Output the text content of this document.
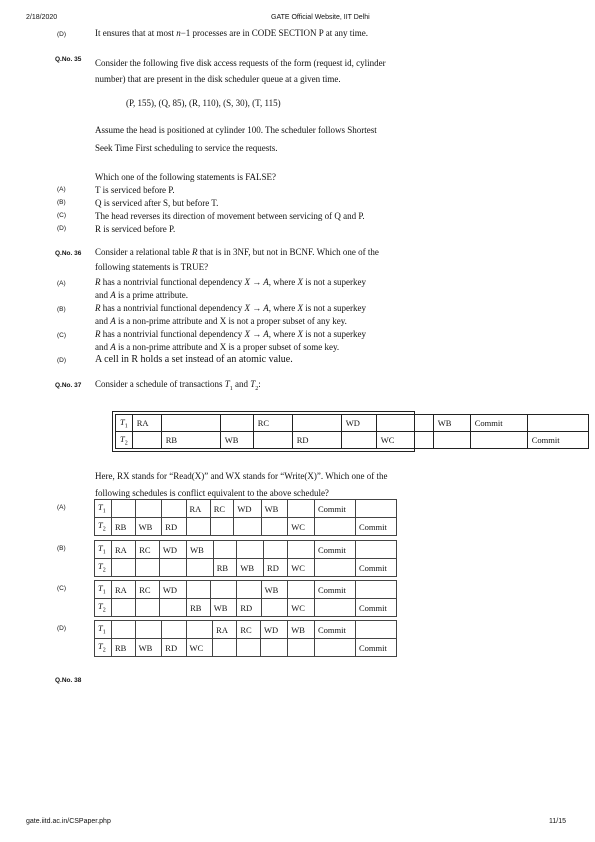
2/18/2020	GATE Official Website, IIT Delhi
(D)	It ensures that at most n−1 processes are in CODE SECTION P at any time.
Q.No. 35	Consider the following five disk access requests of the form (request id, cylinder
number) that are present in the disk scheduler queue at a given time.
(P, 155), (Q, 85), (R, 110), (S, 30), (T, 115)
Assume the head is positioned at cylinder 100. The scheduler follows Shortest
Seek Time First scheduling to service the requests.
Which one of the following statements is FALSE?
(A)	T is serviced before P.
(B)	Q is serviced after S, but before T.
(C)	The head reverses its direction of movement between servicing of Q and P.
(D)	R is serviced before P.
Q.No. 36	Consider a relational table R that is in 3NF, but not in BCNF. Which one of the
following statements is TRUE?
(A)	R has a nontrivial functional dependency X → A, where X is not a superkey
and A is a prime attribute.
(B)	R has a nontrivial functional dependency X → A, where X is not a superkey
and A is a non-prime attribute and X is not a proper subset of any key.
(C)	R has a nontrivial functional dependency X → A, where X is not a superkey
and A is a non-prime attribute and X is a proper subset of some key.
(D)	A cell in R holds a set instead of an atomic value.
Q.No. 37	Consider a schedule of transactions $T_1$ and $T_2$:
$T_1$	RA			RC		WD		WB	Commit	
$T_2$		RB	WB		RD		WC			Commit
Here, RX stands for “Read(X)” and WX stands for “Write(X)”. Which one of the
following schedules is conflict equivalent to the above schedule?
(A)	$T_1$				RA	RC	WD	WB		Commit	
$T_2$	RB	WB	RD					WC		Commit
(B)	$T_1$	RA	RC	WD	WB					Commit	
$T_2$					RB	WB	RD	WC		Commit
(C)	$T_1$	RA	RC	WD				WB		Commit	
$T_2$				RB	WB	RD		WC		Commit
(D)	$T_1$					RA	RC	WD	WB	Commit	
$T_2$	RB	WB	RD	WC						Commit
Q.No. 38
gate.iitd.ac.in/CSPaper.php	11/15
